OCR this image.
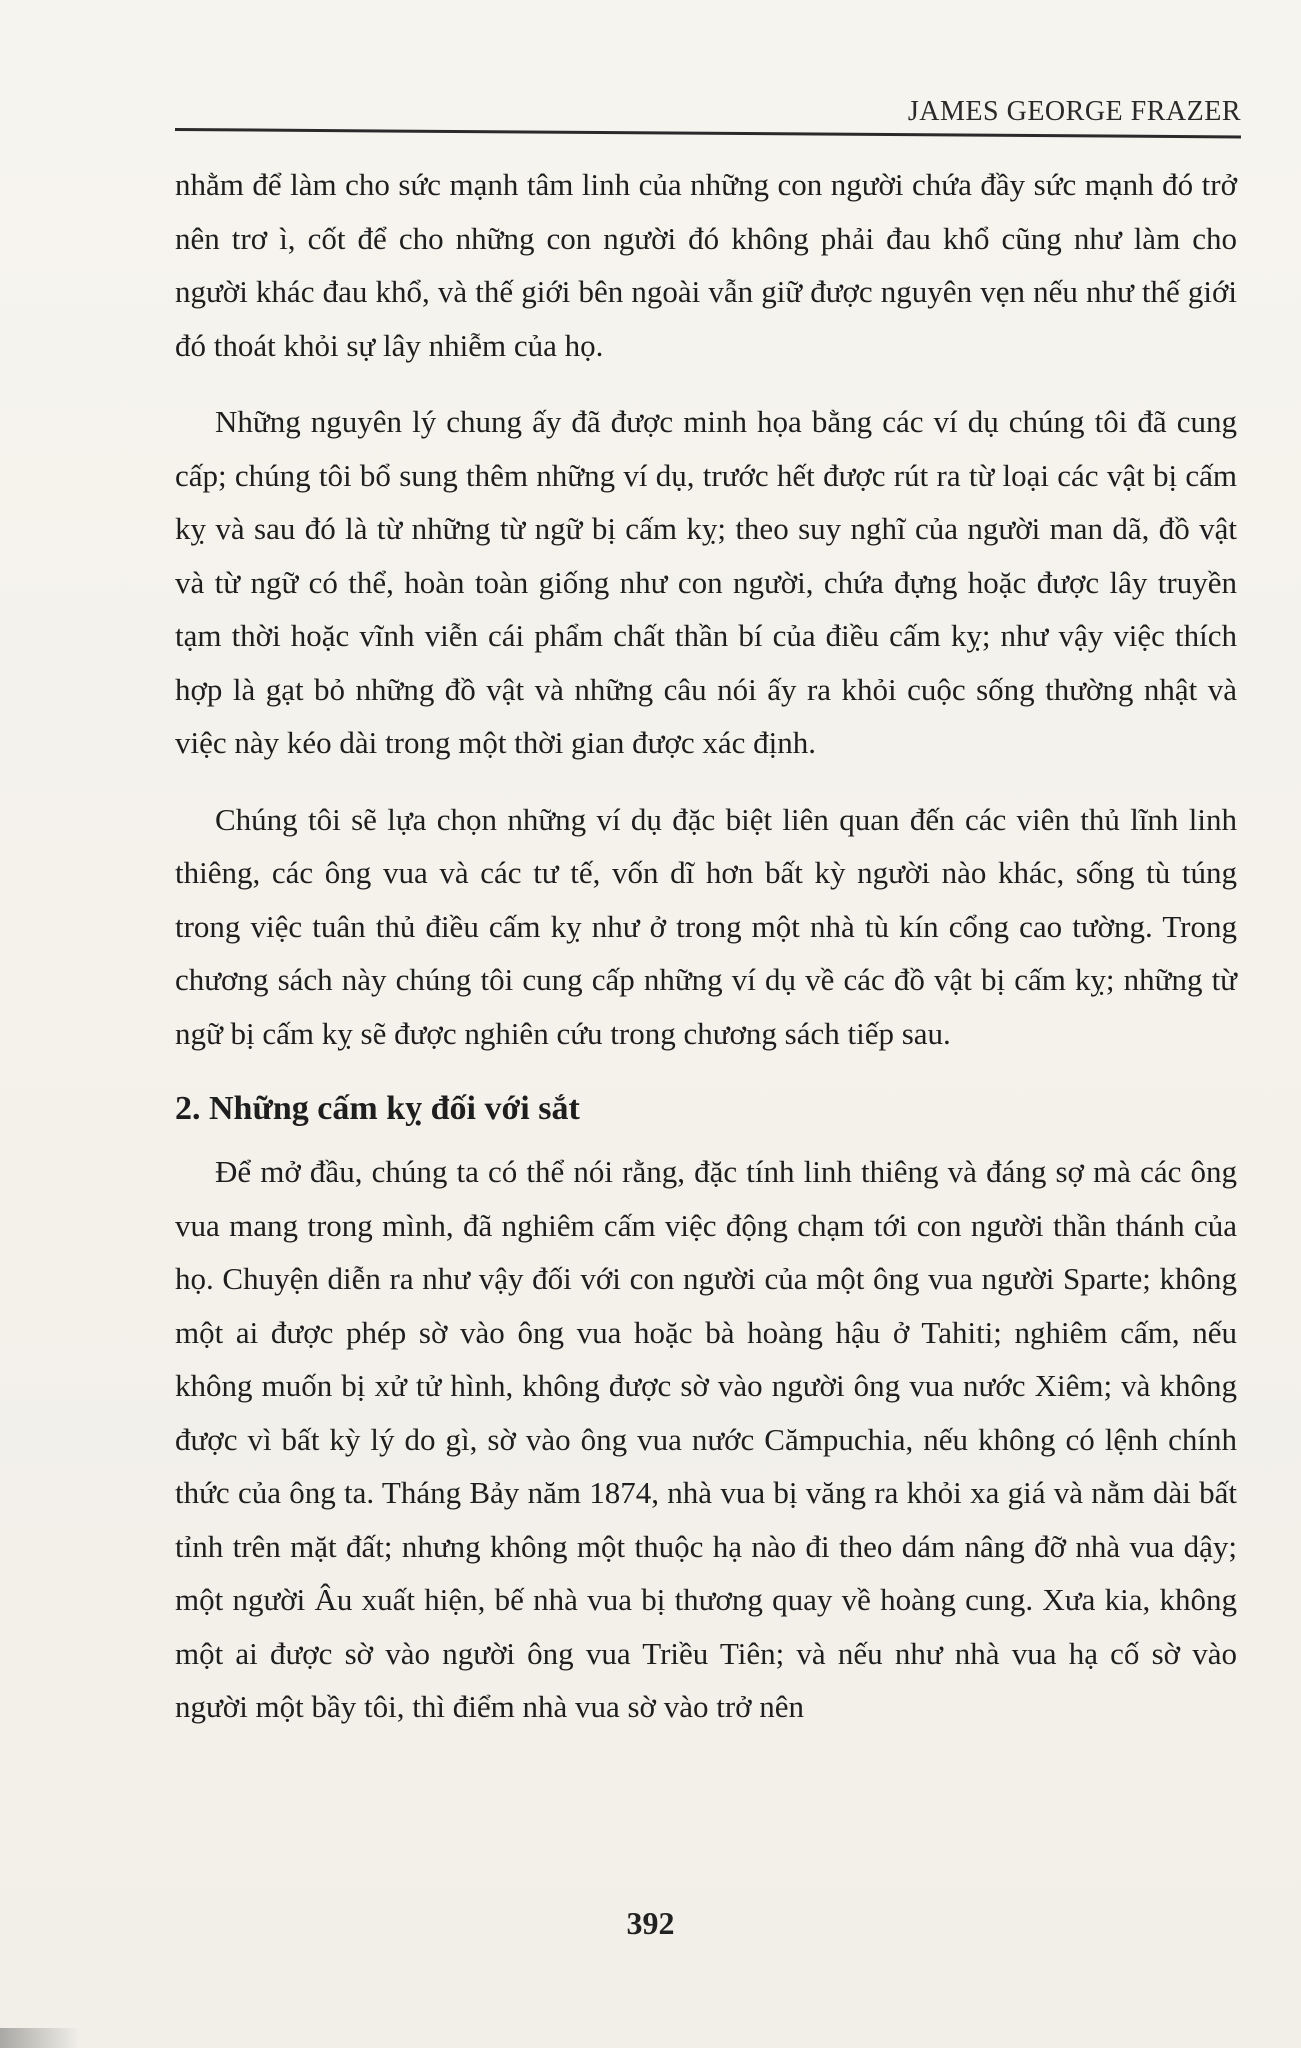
JAMES GEORGE FRAZER

nhằm để làm cho sức mạnh tâm linh của những con người chứa đầy sức mạnh đó trở nên trơ ì, cốt để cho những con người đó không phải đau khổ cũng như làm cho người khác đau khổ, và thế giới bên ngoài vẫn giữ được nguyên vẹn nếu như thế giới đó thoát khỏi sự lây nhiễm của họ.

Những nguyên lý chung ấy đã được minh họa bằng các ví dụ chúng tôi đã cung cấp; chúng tôi bổ sung thêm những ví dụ, trước hết được rút ra từ loại các vật bị cấm kỵ và sau đó là từ những từ ngữ bị cấm kỵ; theo suy nghĩ của người man dã, đồ vật và từ ngữ có thể, hoàn toàn giống như con người, chứa đựng hoặc được lây truyền tạm thời hoặc vĩnh viễn cái phẩm chất thần bí của điều cấm kỵ; như vậy việc thích hợp là gạt bỏ những đồ vật và những câu nói ấy ra khỏi cuộc sống thường nhật và việc này kéo dài trong một thời gian được xác định.

Chúng tôi sẽ lựa chọn những ví dụ đặc biệt liên quan đến các viên thủ lĩnh linh thiêng, các ông vua và các tư tế, vốn dĩ hơn bất kỳ người nào khác, sống tù túng trong việc tuân thủ điều cấm kỵ như ở trong một nhà tù kín cổng cao tường. Trong chương sách này chúng tôi cung cấp những ví dụ về các đồ vật bị cấm kỵ; những từ ngữ bị cấm kỵ sẽ được nghiên cứu trong chương sách tiếp sau.

2. Những cấm kỵ đối với sắt

Để mở đầu, chúng ta có thể nói rằng, đặc tính linh thiêng và đáng sợ mà các ông vua mang trong mình, đã nghiêm cấm việc động chạm tới con người thần thánh của họ. Chuyện diễn ra như vậy đối với con người của một ông vua người Sparte; không một ai được phép sờ vào ông vua hoặc bà hoàng hậu ở Tahiti; nghiêm cấm, nếu không muốn bị xử tử hình, không được sờ vào người ông vua nước Xiêm; và không được vì bất kỳ lý do gì, sờ vào ông vua nước Cămpuchia, nếu không có lệnh chính thức của ông ta. Tháng Bảy năm 1874, nhà vua bị văng ra khỏi xa giá và nằm dài bất tỉnh trên mặt đất; nhưng không một thuộc hạ nào đi theo dám nâng đỡ nhà vua dậy; một người Âu xuất hiện, bế nhà vua bị thương quay về hoàng cung. Xưa kia, không một ai được sờ vào người ông vua Triều Tiên; và nếu như nhà vua hạ cố sờ vào người một bầy tôi, thì điểm nhà vua sờ vào trở nên

392
